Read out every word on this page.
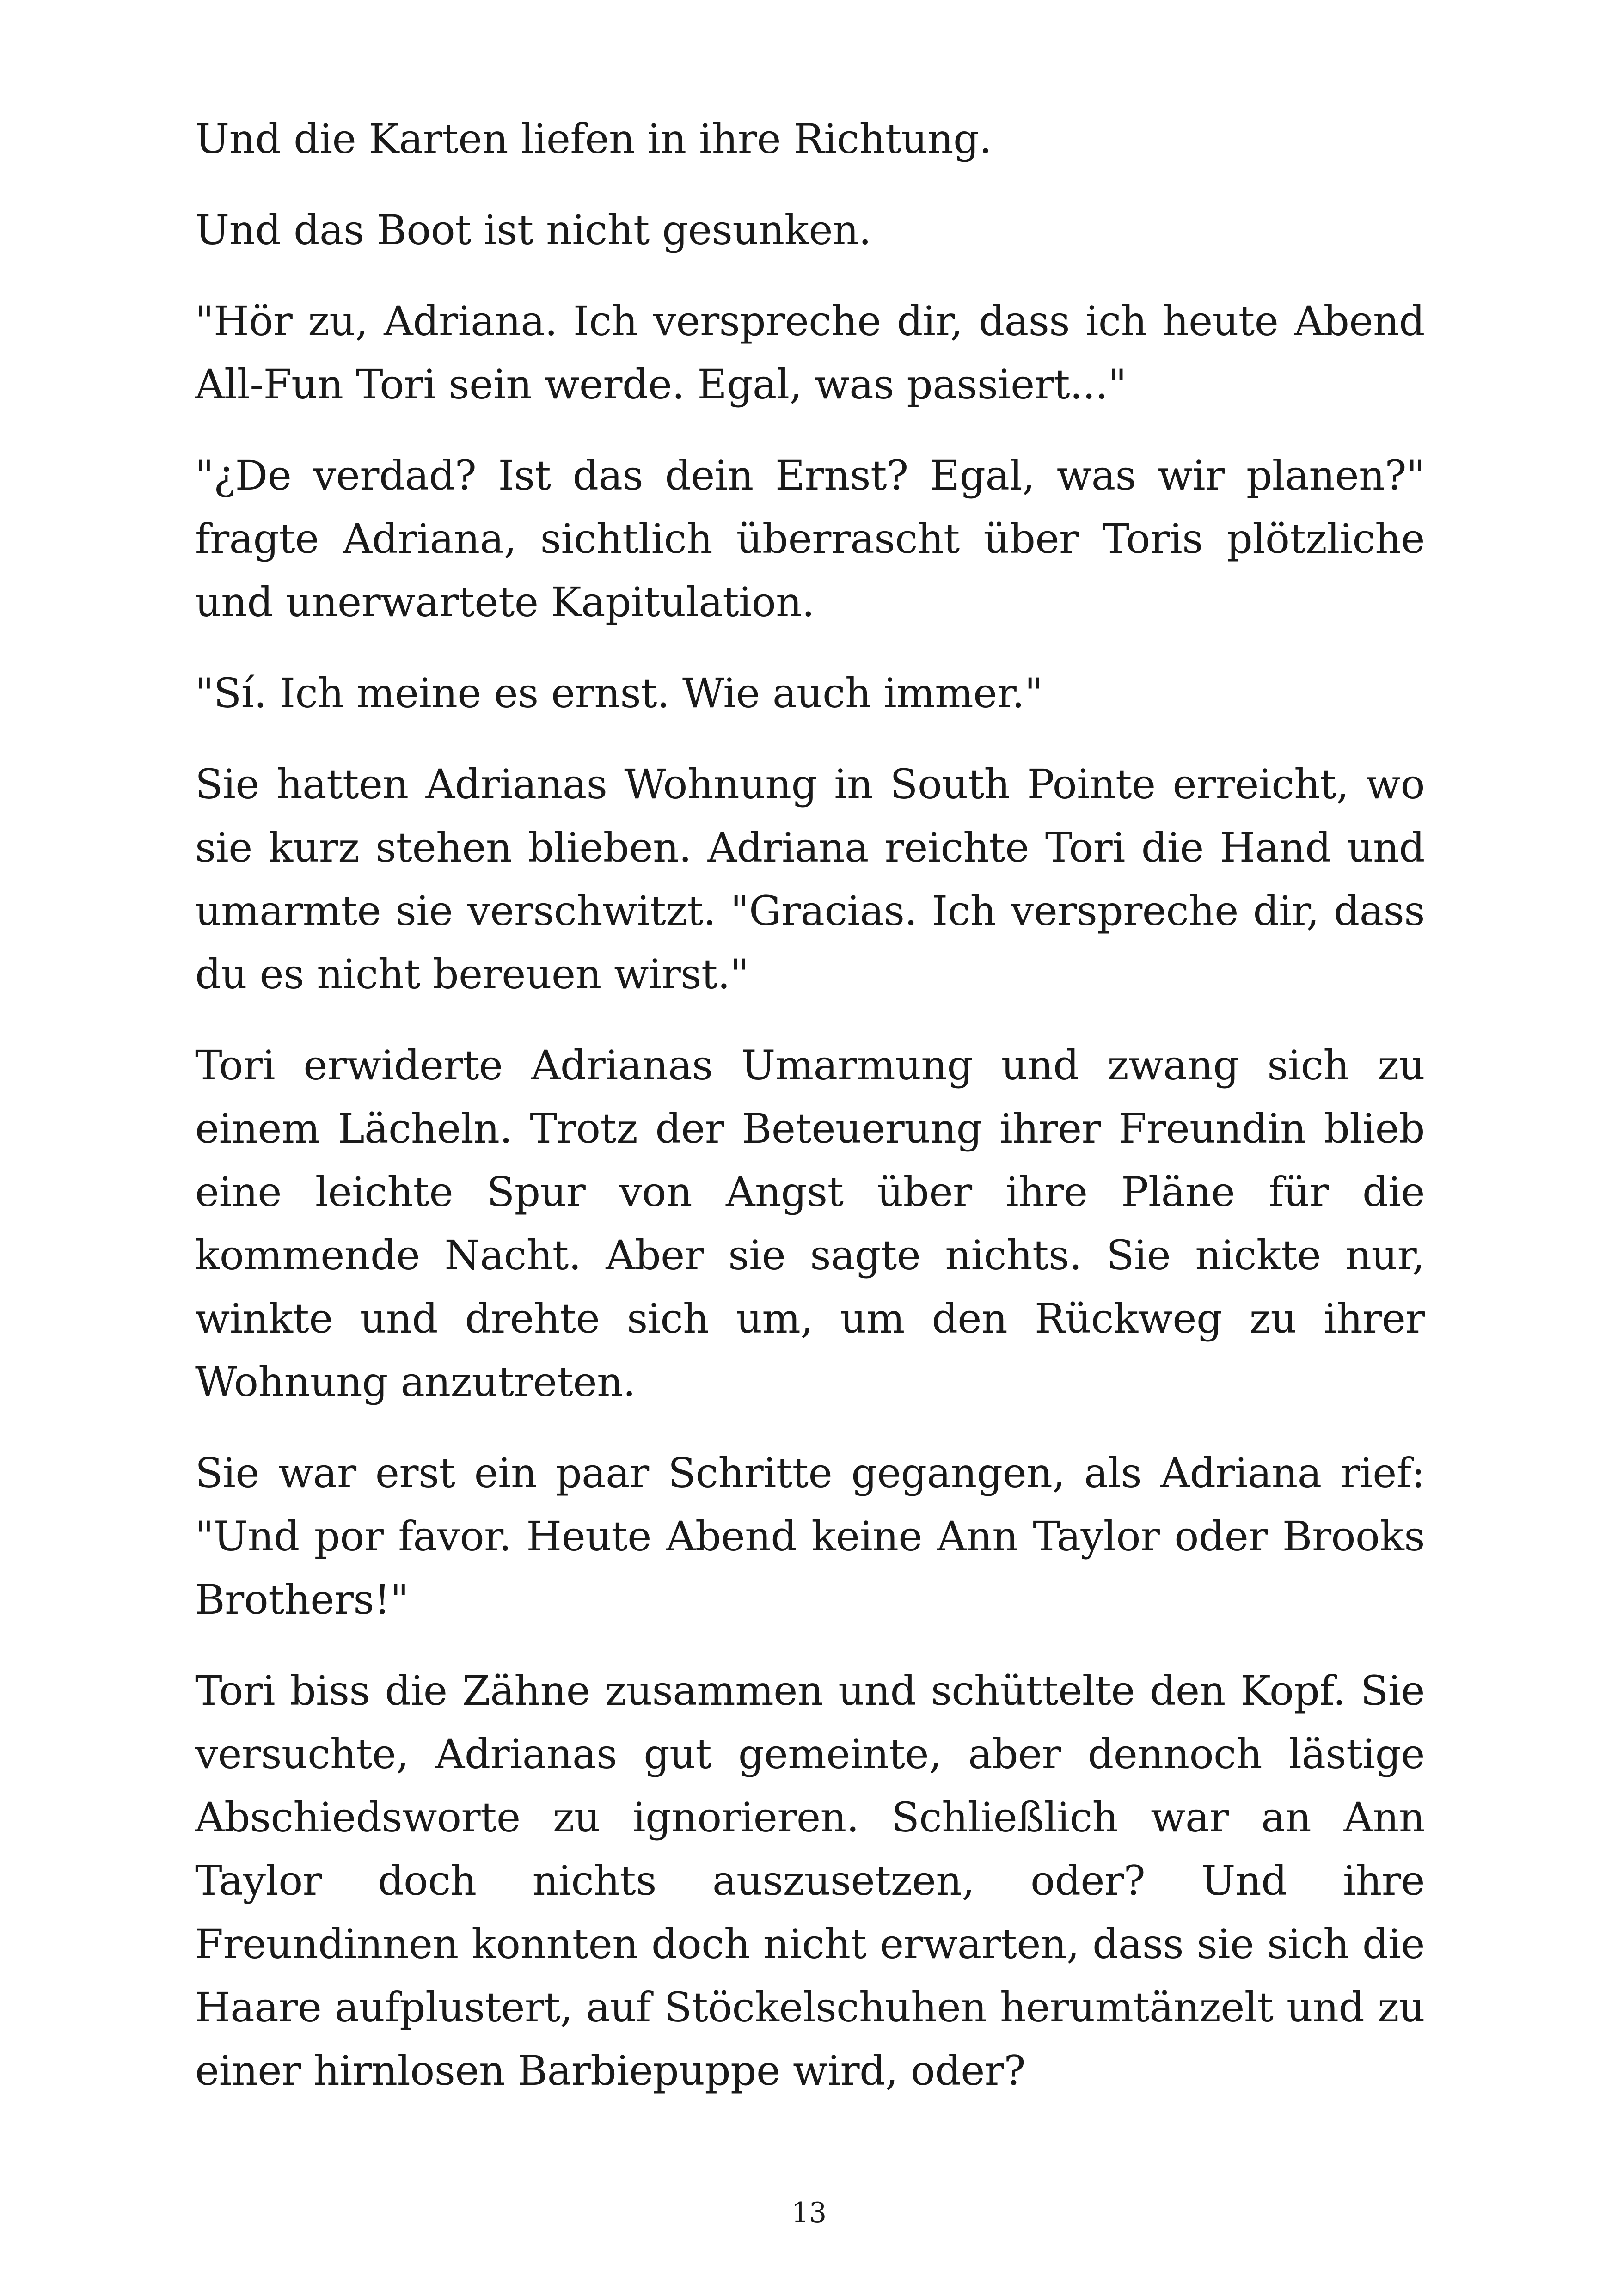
Und die Karten liefen in ihre Richtung.

Und das Boot ist nicht gesunken.

"Hör zu, Adriana. Ich verspreche dir, dass ich heute Abend All-Fun Tori sein werde. Egal, was passiert..."

"¿De verdad? Ist das dein Ernst? Egal, was wir planen?" fragte Adriana, sichtlich überrascht über Toris plötzliche und unerwartete Kapitulation.

"Sí. Ich meine es ernst. Wie auch immer."

Sie hatten Adrianas Wohnung in South Pointe erreicht, wo sie kurz stehen blieben. Adriana reichte Tori die Hand und umarmte sie verschwitzt. "Gracias. Ich verspreche dir, dass du es nicht bereuen wirst."

Tori erwiderte Adrianas Umarmung und zwang sich zu einem Lächeln. Trotz der Beteuerung ihrer Freundin blieb eine leichte Spur von Angst über ihre Pläne für die kommende Nacht. Aber sie sagte nichts. Sie nickte nur, winkte und drehte sich um, um den Rückweg zu ihrer Wohnung anzutreten.

Sie war erst ein paar Schritte gegangen, als Adriana rief: "Und por favor. Heute Abend keine Ann Taylor oder Brooks Brothers!"

Tori biss die Zähne zusammen und schüttelte den Kopf. Sie versuchte, Adrianas gut gemeinte, aber dennoch lästige Abschiedsworte zu ignorieren. Schließlich war an Ann Taylor doch nichts auszusetzen, oder? Und ihre Freundinnen konnten doch nicht erwarten, dass sie sich die Haare aufplustert, auf Stöckelschuhen herumtänzelt und zu einer hirnlosen Barbiepuppe wird, oder?

13
